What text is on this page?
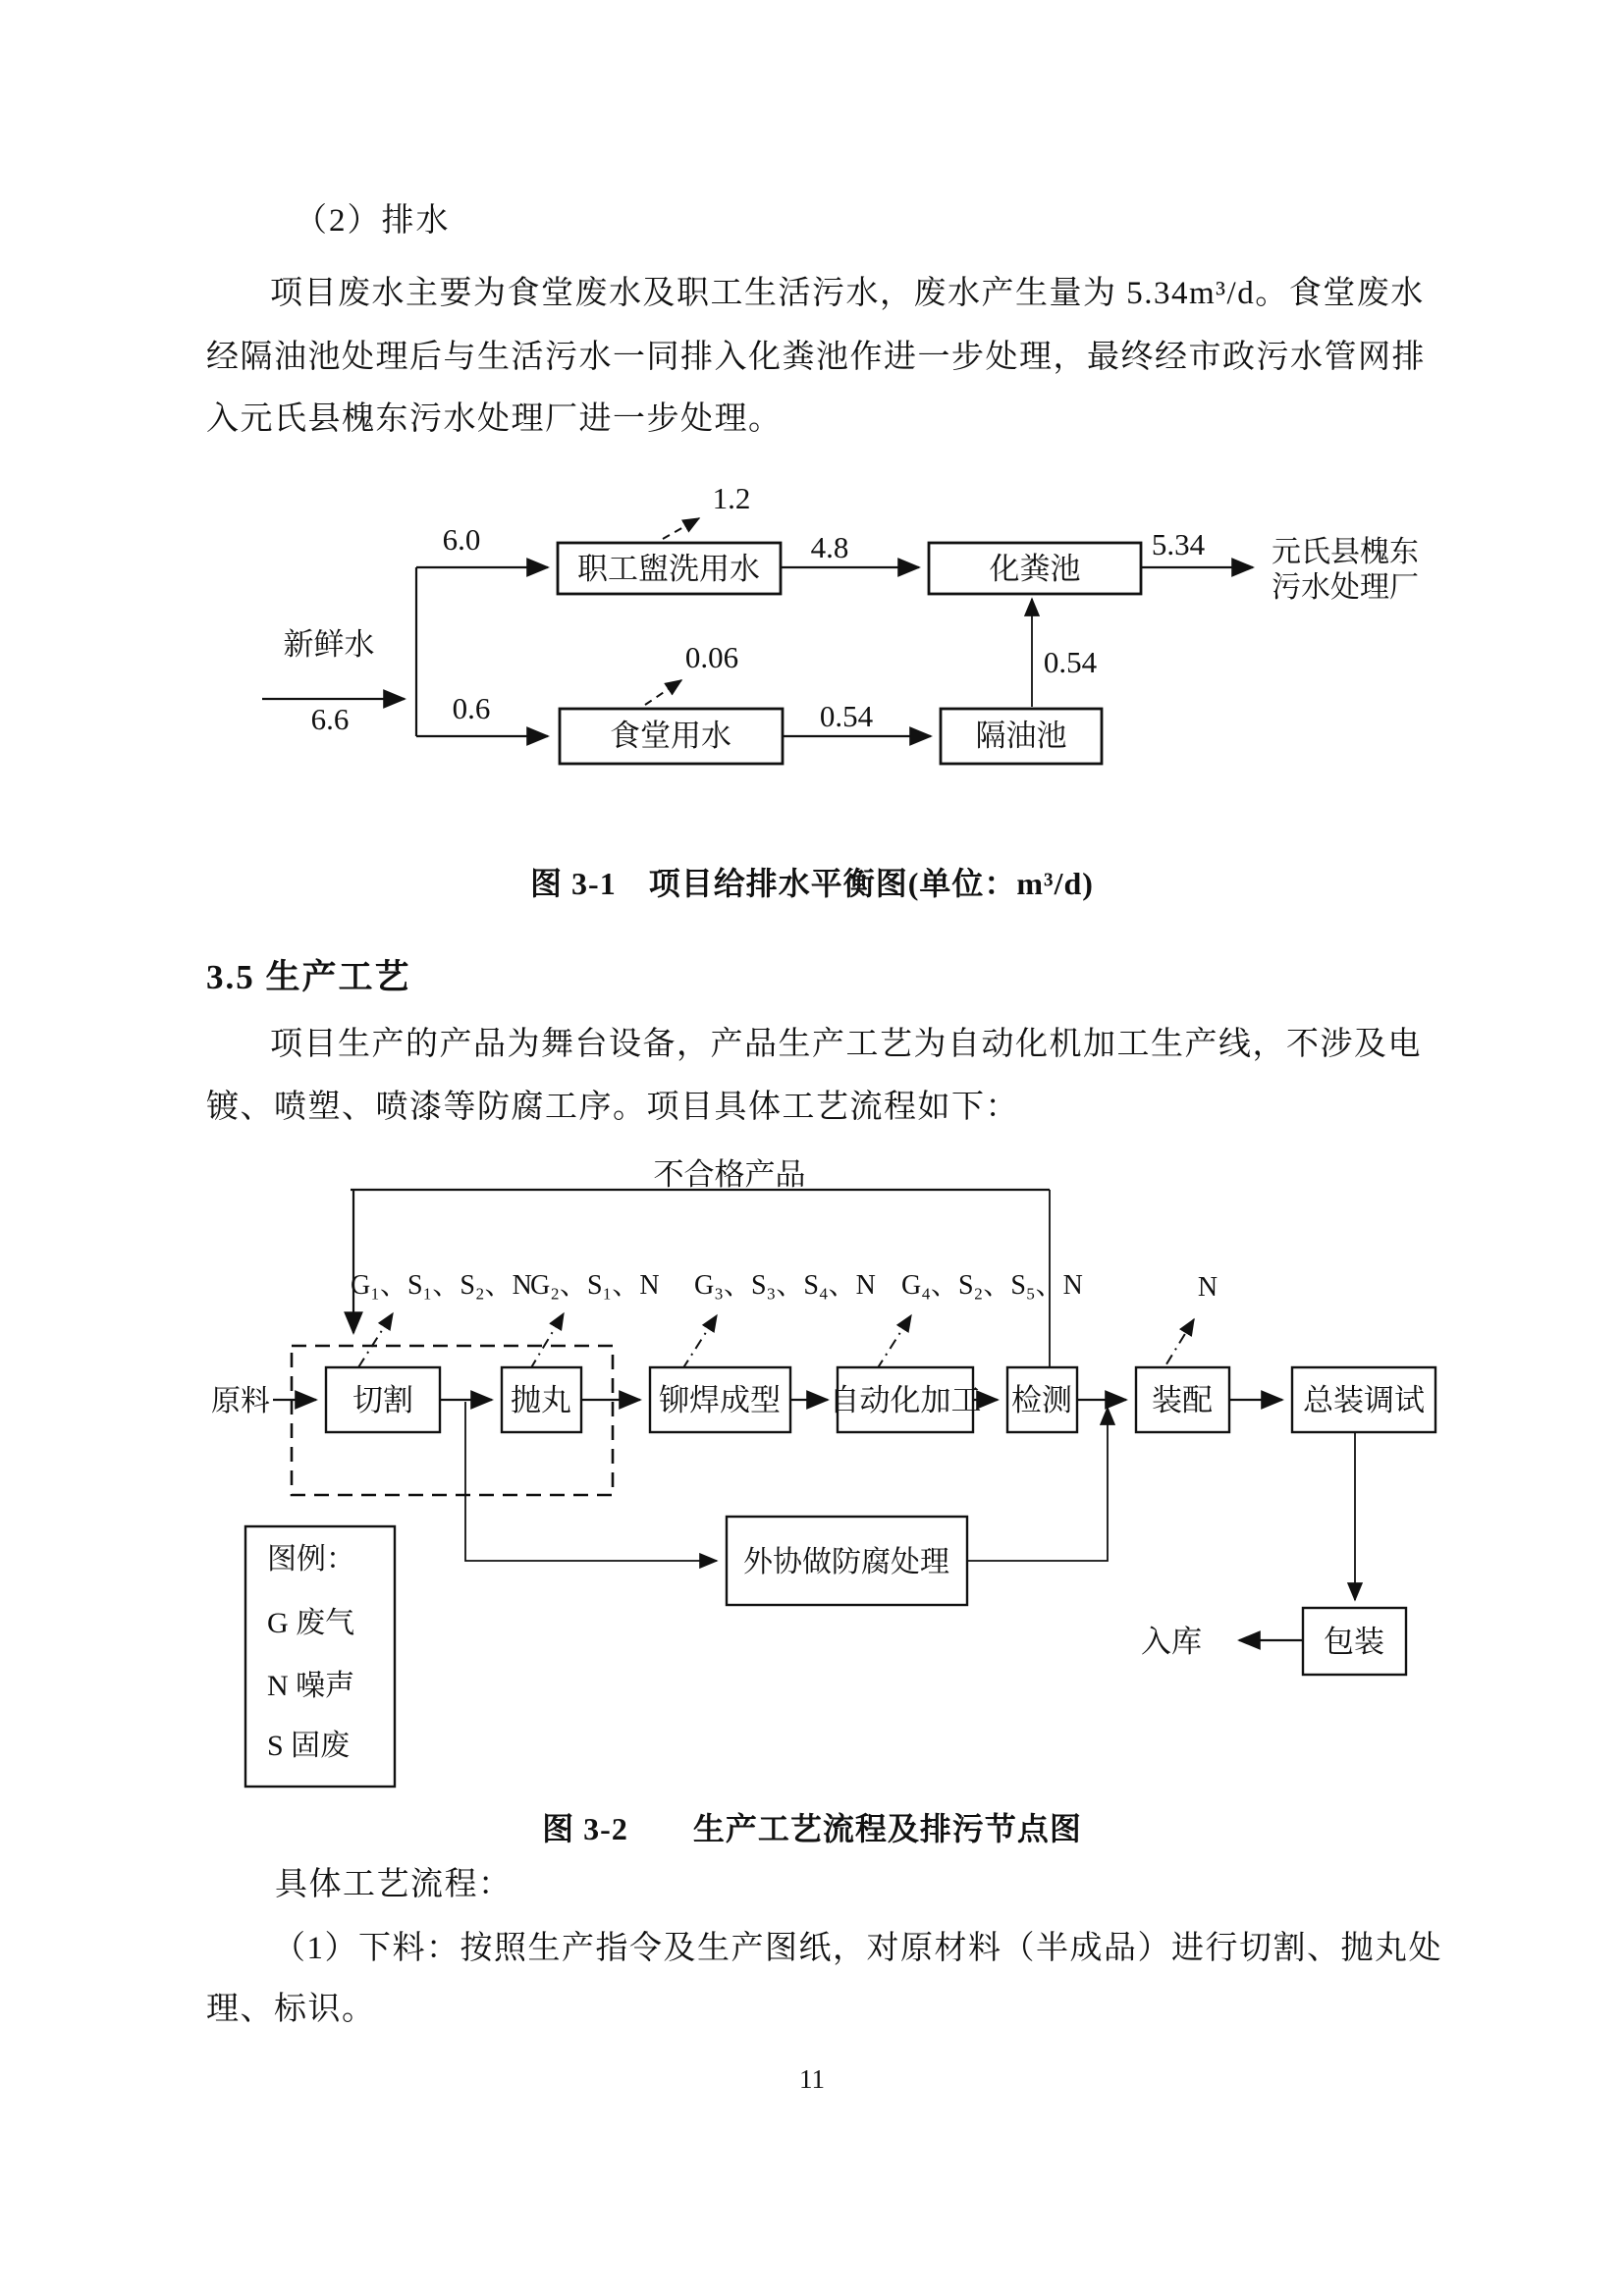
（2）排水
项目废水主要为食堂废水及职工生活污水，废水产生量为 5.34m³/d。食堂废水
经隔油池处理后与生活污水一同排入化粪池作进一步处理，最终经市政污水管网排
入元氏县槐东污水处理厂进一步处理。
新鲜水
6.6
6.0
职工盥洗用水
1.2
4.8
化粪池
5.34 元氏县槐东
污水处理厂
0.6
食堂用水
0.06
0.54
隔油池
0.54
图 3-1　项目给排水平衡图(单位：m³/d)
3.5 生产工艺
项目生产的产品为舞台设备，产品生产工艺为自动化机加工生产线，不涉及电
镀、喷塑、喷漆等防腐工序。项目具体工艺流程如下：
不合格产品
G₁、S₁、S₂、N
G₂、S₁、N G₃、S₃、S₄、N G₄、S₂、S₅、N	N
原料	切割	抛丸	铆焊成型 自动化加工 检测	装配	总装调试
外协做防腐处理
包装
入库
图例：
G 废气
N 噪声
S 固废
图 3-2　　生产工艺流程及排污节点图
具体工艺流程：
（1）下料：按照生产指令及生产图纸，对原材料（半成品）进行切割、抛丸处
理、标识。
11
